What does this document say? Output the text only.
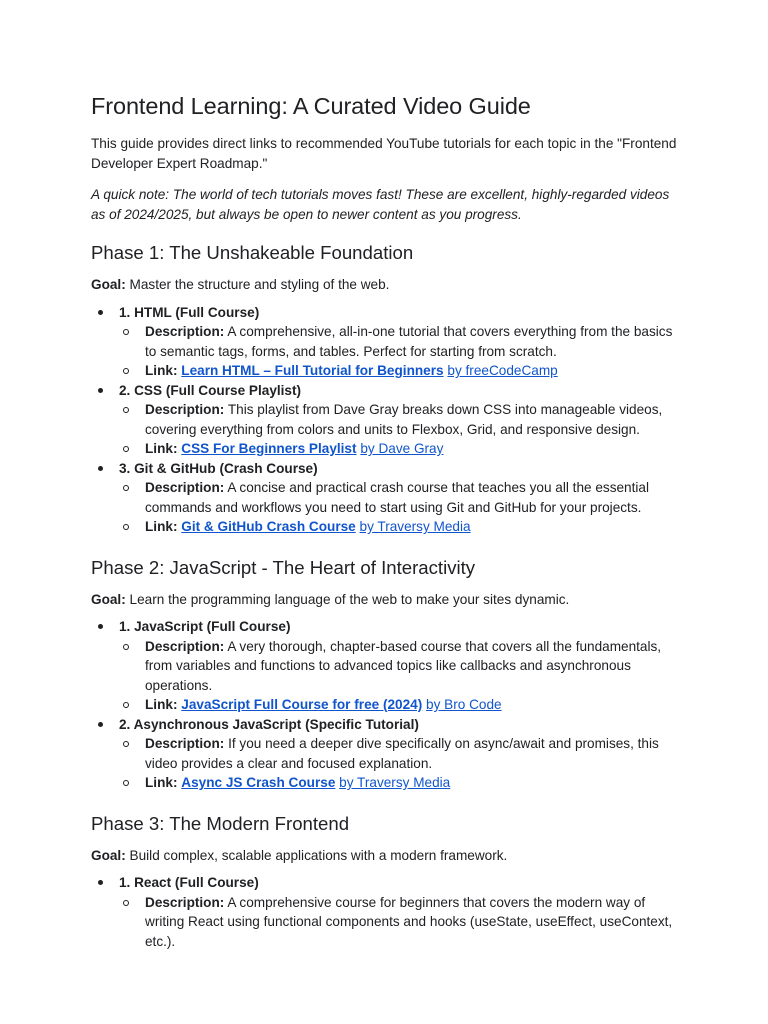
Frontend Learning: A Curated Video Guide

This guide provides direct links to recommended YouTube tutorials for each topic in the "Frontend Developer Expert Roadmap."

A quick note: The world of tech tutorials moves fast! These are excellent, highly-regarded videos as of 2024/2025, but always be open to newer content as you progress.

Phase 1: The Unshakeable Foundation

Goal: Master the structure and styling of the web.

1. HTML (Full Course)
Description: A comprehensive, all-in-one tutorial that covers everything from the basics to semantic tags, forms, and tables. Perfect for starting from scratch.
Link: Learn HTML – Full Tutorial for Beginners by freeCodeCamp
2. CSS (Full Course Playlist)
Description: This playlist from Dave Gray breaks down CSS into manageable videos, covering everything from colors and units to Flexbox, Grid, and responsive design.
Link: CSS For Beginners Playlist by Dave Gray
3. Git & GitHub (Crash Course)
Description: A concise and practical crash course that teaches you all the essential commands and workflows you need to start using Git and GitHub for your projects.
Link: Git & GitHub Crash Course by Traversy Media
Phase 2: JavaScript - The Heart of Interactivity

Goal: Learn the programming language of the web to make your sites dynamic.

1. JavaScript (Full Course)
Description: A very thorough, chapter-based course that covers all the fundamentals, from variables and functions to advanced topics like callbacks and asynchronous operations.
Link: JavaScript Full Course for free (2024) by Bro Code
2. Asynchronous JavaScript (Specific Tutorial)
Description: If you need a deeper dive specifically on async/await and promises, this video provides a clear and focused explanation.
Link: Async JS Crash Course by Traversy Media
Phase 3: The Modern Frontend

Goal: Build complex, scalable applications with a modern framework.

1. React (Full Course)
Description: A comprehensive course for beginners that covers the modern way of writing React using functional components and hooks (useState, useEffect, useContext, etc.).
